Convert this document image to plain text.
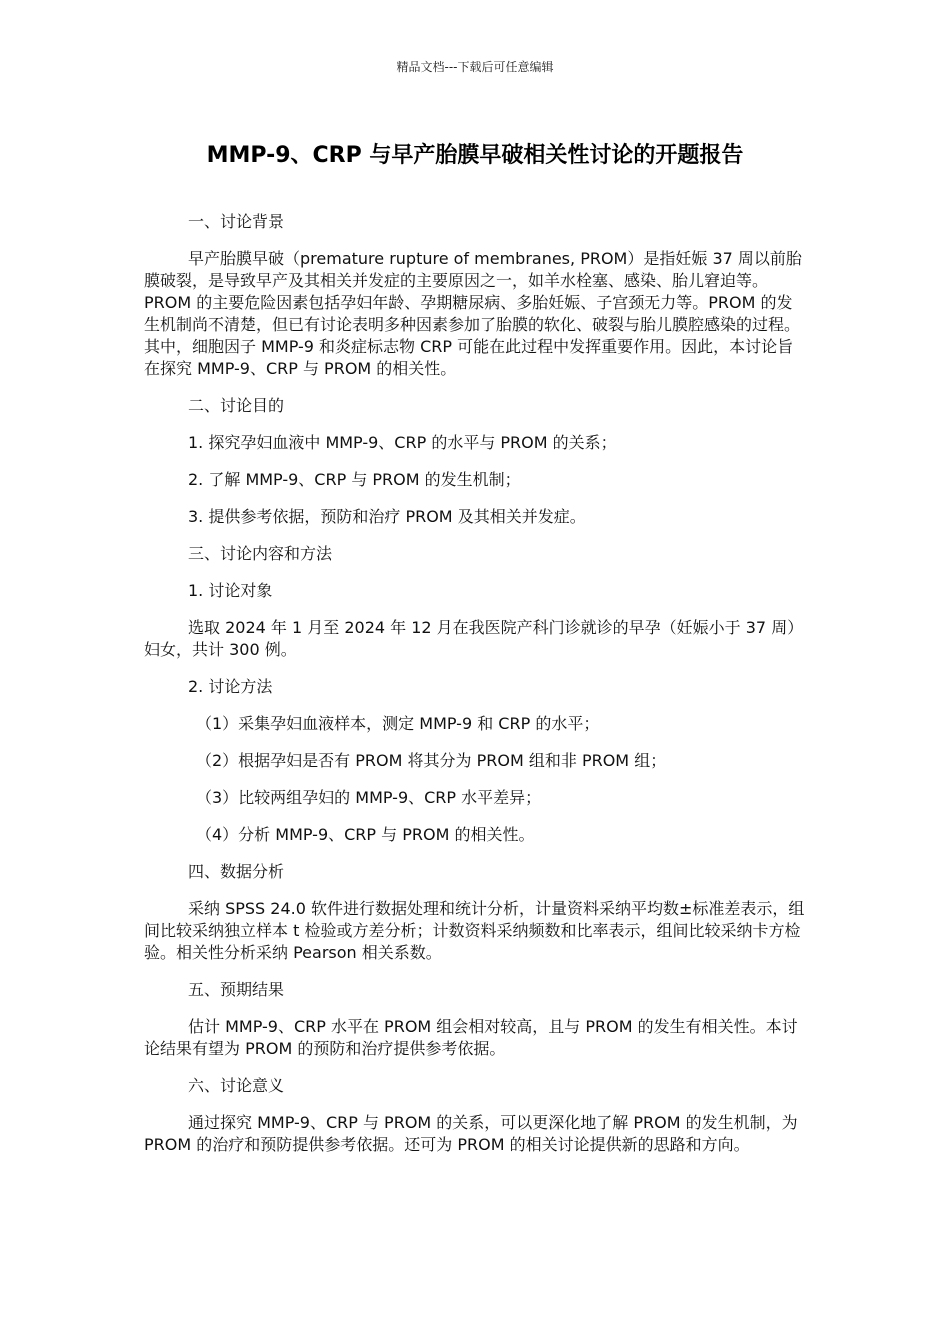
精品文档---下载后可任意编辑
MMP-9、CRP 与早产胎膜早破相关性讨论的开题报告

一、讨论背景

早产胎膜早破（premature rupture of membranes, PROM）是指妊娠 37 周以前胎膜破裂，是导致早产及其相关并发症的主要原因之一，如羊水栓塞、感染、胎儿窘迫等。PROM 的主要危险因素包括孕妇年龄、孕期糖尿病、多胎妊娠、子宫颈无力等。PROM 的发生机制尚不清楚，但已有讨论表明多种因素参加了胎膜的软化、破裂与胎儿膜腔感染的过程。其中，细胞因子 MMP-9 和炎症标志物 CRP 可能在此过程中发挥重要作用。因此，本讨论旨在探究 MMP-9、CRP 与 PROM 的相关性。

二、讨论目的

1. 探究孕妇血液中 MMP-9、CRP 的水平与 PROM 的关系；

2. 了解 MMP-9、CRP 与 PROM 的发生机制；

3. 提供参考依据，预防和治疗 PROM 及其相关并发症。

三、讨论内容和方法

1. 讨论对象

选取 2024 年 1 月至 2024 年 12 月在我医院产科门诊就诊的早孕（妊娠小于 37 周）妇女，共计 300 例。

2. 讨论方法

（1）采集孕妇血液样本，测定 MMP-9 和 CRP 的水平；

（2）根据孕妇是否有 PROM 将其分为 PROM 组和非 PROM 组；

（3）比较两组孕妇的 MMP-9、CRP 水平差异；

（4）分析 MMP-9、CRP 与 PROM 的相关性。

四、数据分析

采纳 SPSS 24.0 软件进行数据处理和统计分析，计量资料采纳平均数±标准差表示，组间比较采纳独立样本 t 检验或方差分析；计数资料采纳频数和比率表示，组间比较采纳卡方检验。相关性分析采纳 Pearson 相关系数。

五、预期结果

估计 MMP-9、CRP 水平在 PROM 组会相对较高，且与 PROM 的发生有相关性。本讨论结果有望为 PROM 的预防和治疗提供参考依据。

六、讨论意义

通过探究 MMP-9、CRP 与 PROM 的关系，可以更深化地了解 PROM 的发生机制，为 PROM 的治疗和预防提供参考依据。还可为 PROM 的相关讨论提供新的思路和方向。
